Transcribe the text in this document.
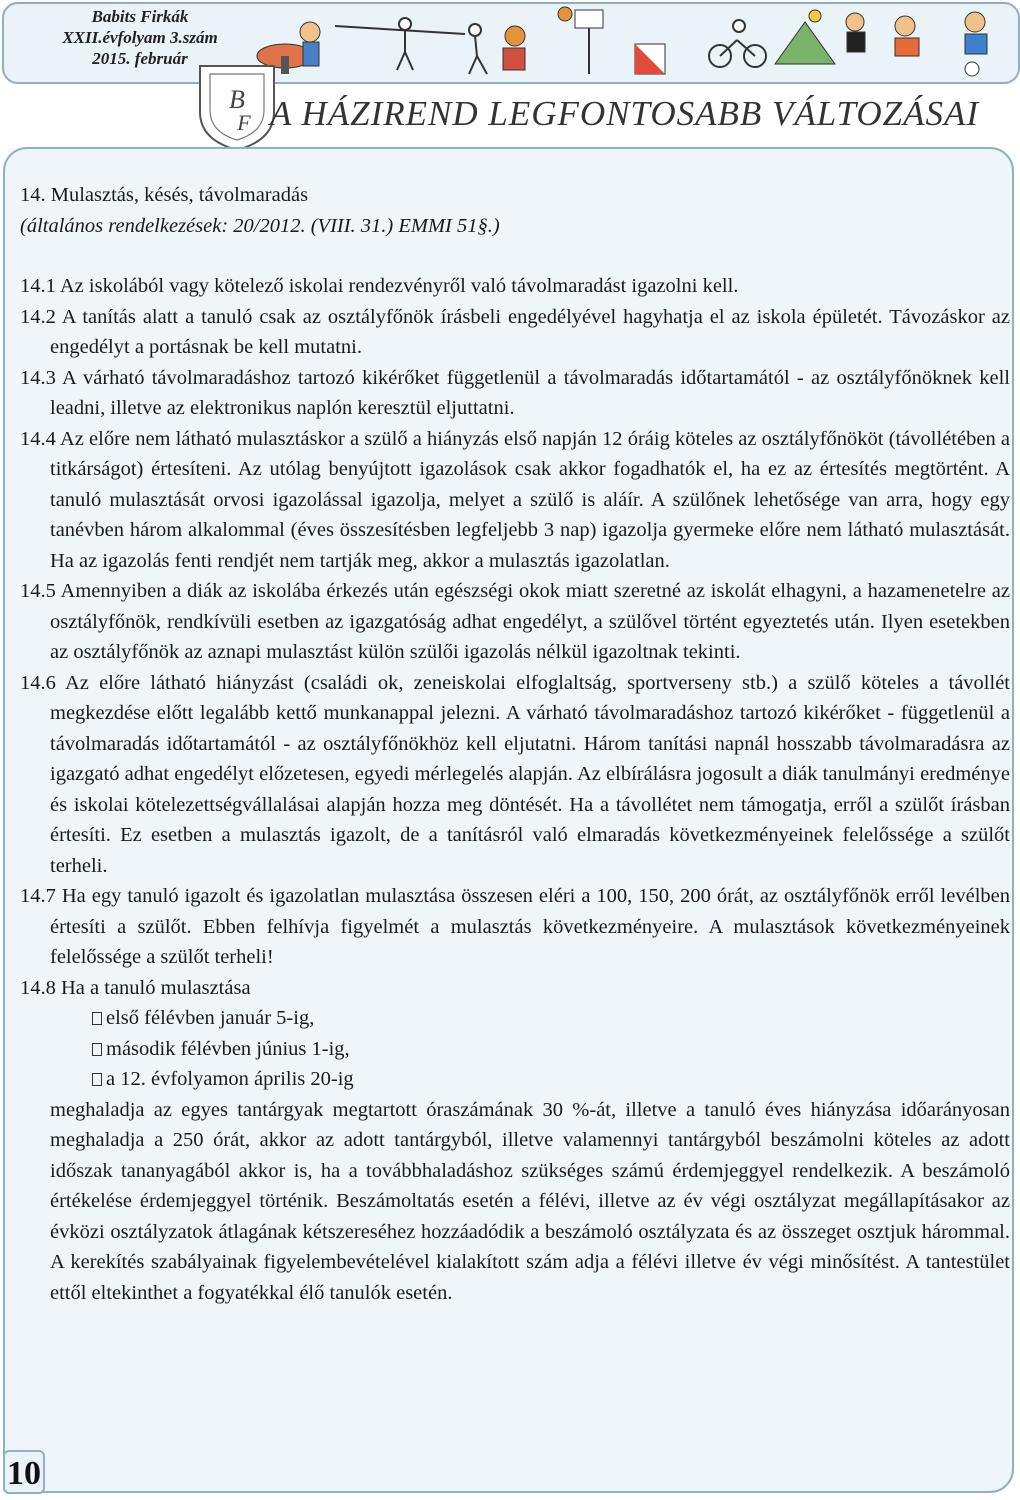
Babits Firkák
XXII.évfolyam 3.szám
2015. február
B
F A HÁZIREND LEGFONTOSABB VÁLTOZÁSAI

14. Mulasztás, késés, távolmaradás

(általános rendelkezések: 20/2012. (VIII. 31.) EMMI 51§.)

14.1 Az iskolából vagy kötelező iskolai rendezvényről való távolmaradást igazolni kell.

14.2 A tanítás alatt a tanuló csak az osztályfőnök írásbeli engedélyével hagyhatja el az iskola épületét. Távozáskor az engedélyt a portásnak be kell mutatni.

14.3 A várható távolmaradáshoz tartozó kikérőket függetlenül a távolmaradás időtartamától - az osztályfőnöknek kell leadni, illetve az elektronikus naplón keresztül eljuttatni.

14.4 Az előre nem látható mulasztáskor a szülő a hiányzás első napján 12 óráig köteles az osztályfőnököt (távollétében a titkárságot) értesíteni. Az utólag benyújtott igazolások csak akkor fogadhatók el, ha ez az értesítés megtörtént. A tanuló mulasztását orvosi igazolással igazolja, melyet a szülő is aláír. A szülőnek lehetősége van arra, hogy egy tanévben három alkalommal (éves összesítésben legfeljebb 3 nap) igazolja gyermeke előre nem látható mulasztását. Ha az igazolás fenti rendjét nem tartják meg, akkor a mulasztás igazolatlan.

14.5 Amennyiben a diák az iskolába érkezés után egészségi okok miatt szeretné az iskolát elhagyni, a hazamenetelre az osztályfőnök, rendkívüli esetben az igazgatóság adhat engedélyt, a szülővel történt egyeztetés után. Ilyen esetekben az osztályfőnök az aznapi mulasztást külön szülői igazolás nélkül igazoltnak tekinti.

14.6 Az előre látható hiányzást (családi ok, zeneiskolai elfoglaltság, sportverseny stb.) a szülő köteles a távollét megkezdése előtt legalább kettő munkanappal jelezni. A várható távolmaradáshoz tartozó kikérőket - függetlenül a távolmaradás időtartamától - az osztályfőnökhöz kell eljutatni. Három tanítási napnál hosszabb távolmaradásra az igazgató adhat engedélyt előzetesen, egyedi mérlegelés alapján. Az elbírálásra jogosult a diák tanulmányi eredménye és iskolai kötelezettségvállalásai alapján hozza meg döntését. Ha a távollétet nem támogatja, erről a szülőt írásban értesíti. Ez esetben a mulasztás igazolt, de a tanításról való elmaradás következményeinek felelőssége a szülőt terheli.

14.7 Ha egy tanuló igazolt és igazolatlan mulasztása összesen eléri a 100, 150, 200 órát, az osztályfőnök erről levélben értesíti a szülőt. Ebben felhívja figyelmét a mulasztás következményeire. A mulasztások következményeinek felelőssége a szülőt terheli!

14.8 Ha a tanuló mulasztása

első félévben január 5-ig,
második félévben június 1-ig,
a 12. évfolyamon április 20-ig

meghaladja az egyes tantárgyak megtartott óraszámának 30 %-át, illetve a tanuló éves hiányzása időarányosan meghaladja a 250 órát, akkor az adott tantárgyból, illetve valamennyi tantárgyból beszámolni köteles az adott időszak tananyagából akkor is, ha a továbbhaladáshoz szükséges számú érdemjeggyel rendelkezik. A beszámoló értékelése érdemjeggyel történik. Beszámoltatás esetén a félévi, illetve az év végi osztályzat megállapításakor az évközi osztályzatok átlagának kétszereséhez hozzáadódik a beszámoló osztályzata és az összeget osztjuk hárommal. A kerekítés szabályainak figyelembevételével kialakított szám adja a félévi illetve év végi minősítést. A tantestület ettől eltekinthet a fogyatékkal élő tanulók esetén.

10
